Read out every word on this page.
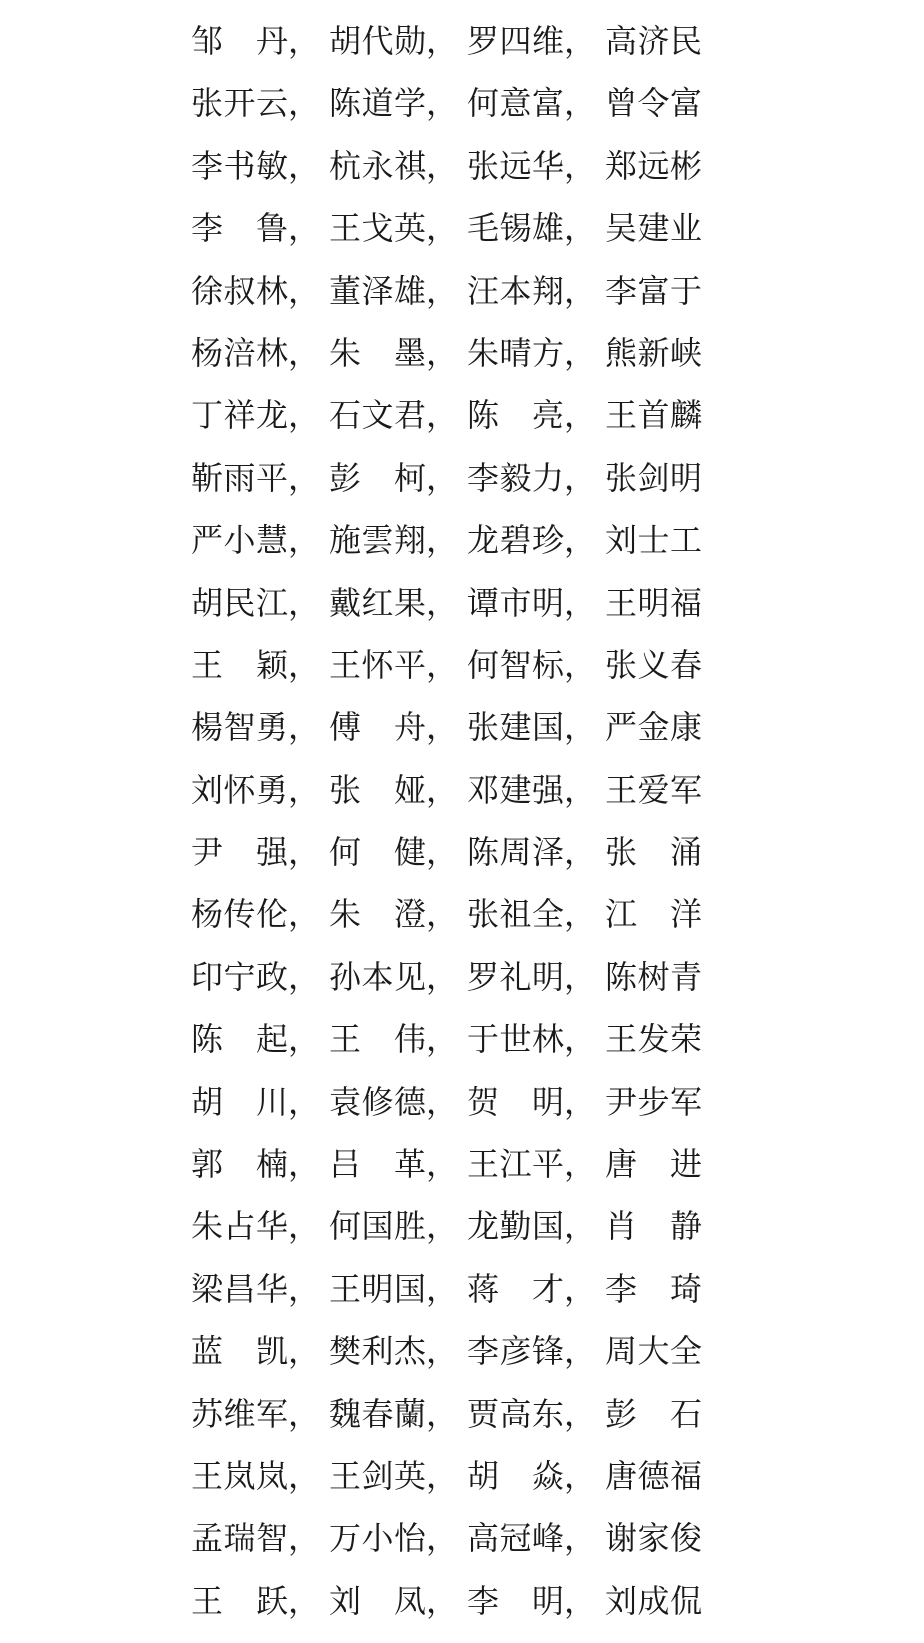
邹　丹 ， 胡代勋 ， 罗四维 ， 高济民
张开云 ， 陈道学 ， 何意富 ， 曾令富
李书敏 ， 杭永祺 ， 张远华 ， 郑远彬
李　鲁 ， 王戈英 ， 毛锡雄 ， 吴建业
徐叔林 ， 董泽雄 ， 汪本翔 ， 李富于
杨涪林 ， 朱　墨 ， 朱晴方 ， 熊新峡
丁祥龙 ， 石文君 ， 陈　亮 ， 王首麟
靳雨平 ， 彭　柯 ， 李毅力 ， 张剑明
严小慧 ， 施雲翔 ， 龙碧珍 ， 刘士工
胡民江 ， 戴红果 ， 谭市明 ， 王明福
王　颖 ， 王怀平 ， 何智标 ， 张义春
楊智勇 ， 傅　舟 ， 张建国 ， 严金康
刘怀勇 ， 张　娅 ， 邓建强 ， 王爱军
尹　强 ， 何　健 ， 陈周泽 ， 张　涌
杨传伦 ， 朱　澄 ， 张祖全 ， 江　洋
印宁政 ， 孙本见 ， 罗礼明 ， 陈树青
陈　起 ， 王　伟 ， 于世林 ， 王发荣
胡　川 ， 袁修德 ， 贺　明 ， 尹步军
郭　楠 ， 吕　革 ， 王江平 ， 唐　进
朱占华 ， 何国胜 ， 龙勤国 ， 肖　静
梁昌华 ， 王明国 ， 蒋　才 ， 李　琦
蓝　凯 ， 樊利杰 ， 李彦锋 ， 周大全
苏维军 ， 魏春蘭 ， 贾高东 ， 彭　石
王岚岚 ， 王剑英 ， 胡　焱 ， 唐德福
孟瑞智 ， 万小怡 ， 高冠峰 ， 谢家俊
王　跃 ， 刘　凤 ， 李　明 ， 刘成侃
